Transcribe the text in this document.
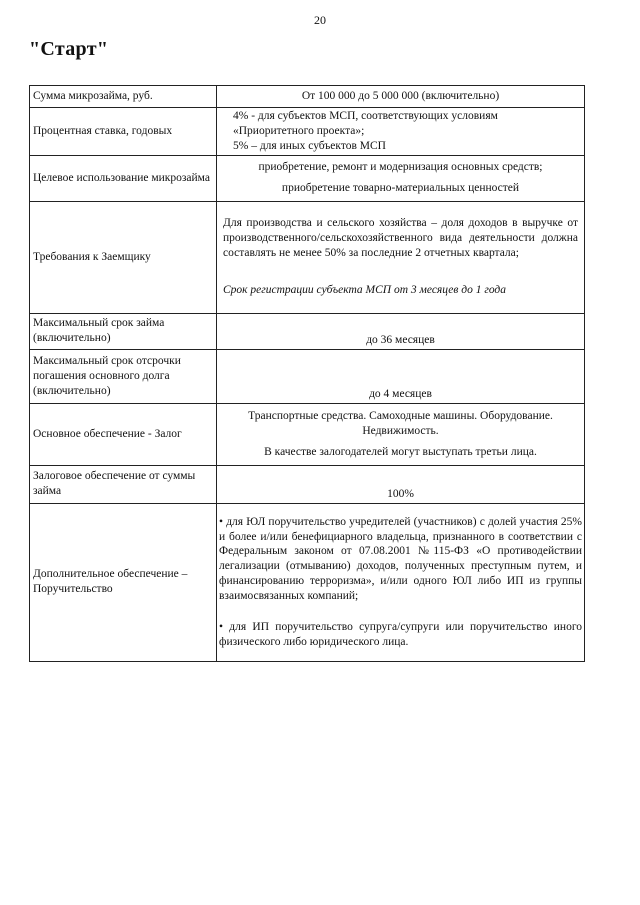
20
"Старт"
Сумма микрозайма, руб.	От 100 000 до 5 000 000 (включительно)
Процентная ставка, годовых	4% - для субъектов МСП, соответствующих условиям
«Приоритетного проекта»;
5% – для иных субъектов МСП

Целевое использование микрозайма	приобретение, ремонт и модернизация основных средств;
приобретение товарно-материальных ценностей

Требования к Заемщику	Для производства и сельского хозяйства – доля доходов в выручке от производственного/сельскохозяйственного вида деятельности должна составлять не менее 50% за последние 2 отчетных квартала;
Срок регистрации субъекта МСП от 3 месяцев до 1 года

Максимальный срок займа (включительно)	до 36 месяцев
Максимальный срок отсрочки погашения основного долга (включительно)	до 4 месяцев
Основное обеспечение - Залог	Транспортные средства. Самоходные машины. Оборудование.
Недвижимость.
В качестве залогодателей могут выступать третьи лица.

Залоговое обеспечение от суммы займа	100%
Дополнительное обеспечение – Поручительство	• для ЮЛ поручительство учредителей (участников) с долей участия 25% и более и/или бенефициарного владельца, признанного в соответствии с Федеральным законом от 07.08.2001 №115-ФЗ «О противодействии легализации (отмыванию) доходов, полученных преступным путем, и финансированию терроризма», и/или одного ЮЛ либо ИП из группы взаимосвязанных компаний;

• для ИП поручительство супруга/супруги или поручительство иного физического либо юридического лица.
